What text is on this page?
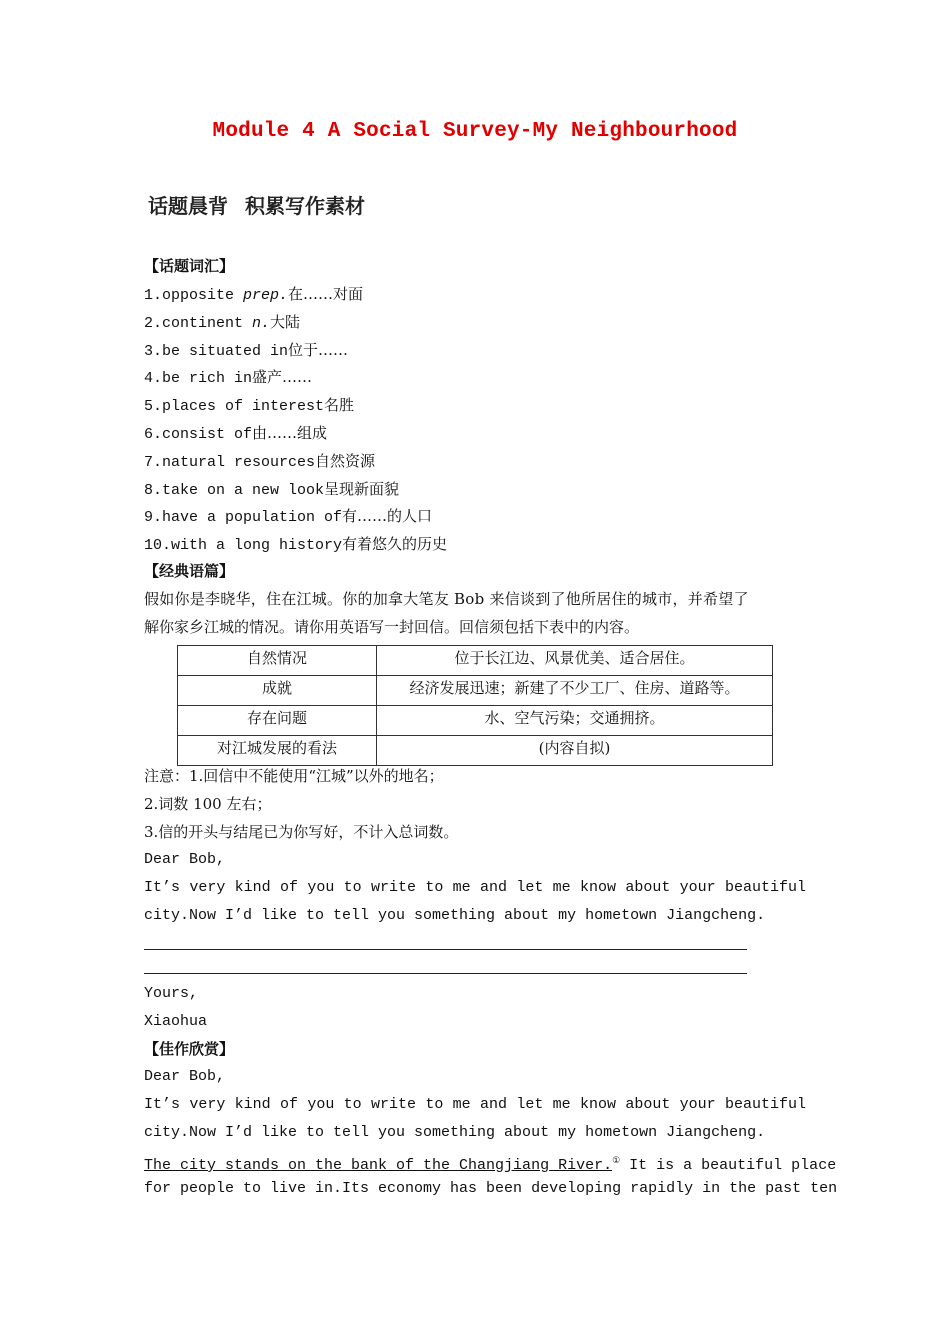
Module 4 A Social Survey-My Neighbourhood
话题晨背 积累写作素材
【话题词汇】
1.opposite prep.在……对面
2.continent n.大陆
3.be situated in位于……
4.be rich in盛产……
5.places of interest名胜
6.consist of由……组成
7.natural resources自然资源
8.take on a new look呈现新面貌
9.have a population of有……的人口
10.with a long history有着悠久的历史
【经典语篇】
假如你是李晓华，住在江城。你的加拿大笔友 Bob 来信谈到了他所居住的城市，并希望了
解你家乡江城的情况。请你用英语写一封回信。回信须包括下表中的内容。
自然情况	位于长江边、风景优美、适合居住。
成就	经济发展迅速；新建了不少工厂、住房、道路等。
存在问题	水、空气污染；交通拥挤。
对江城发展的看法	(内容自拟)
注意：1.回信中不能使用“江城”以外的地名；
2.词数 100 左右；
3.信的开头与结尾已为你写好，不计入总词数。
Dear Bob,
It’s very kind of you to write to me and let me know about your beautiful
city.Now I’d like to tell you something about my hometown Jiangcheng.
Yours,
Xiaohua
【佳作欣赏】
Dear Bob,
It’s very kind of you to write to me and let me know about your beautiful
city.Now I’d like to tell you something about my hometown Jiangcheng.
The city stands on the bank of the Changjiang River.① It is a beautiful place
for people to live in.Its economy has been developing rapidly in the past ten
